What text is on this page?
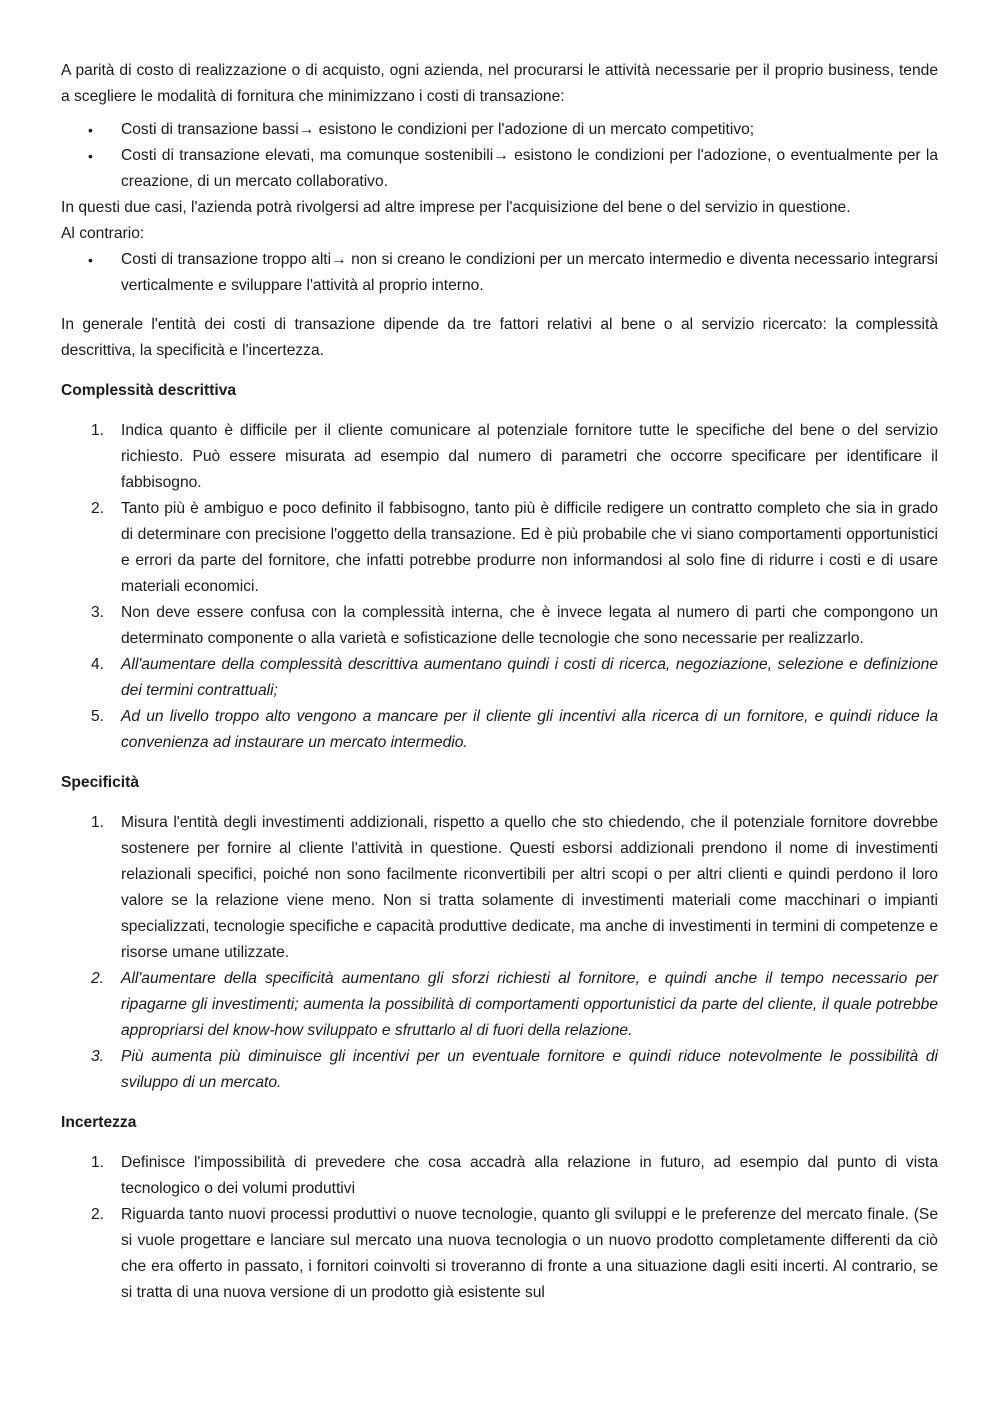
A parità di costo di realizzazione o di acquisto, ogni azienda, nel procurarsi le attività necessarie per il proprio business, tende a scegliere le modalità di fornitura che minimizzano i costi di transazione:

• Costi di transazione bassi→ esistono le condizioni per l'adozione di un mercato competitivo;
• Costi di transazione elevati, ma comunque sostenibili→ esistono le condizioni per l'adozione, o eventualmente per la creazione, di un mercato collaborativo.

In questi due casi, l'azienda potrà rivolgersi ad altre imprese per l'acquisizione del bene o del servizio in questione.

Al contrario:

• Costi di transazione troppo alti→ non si creano le condizioni per un mercato intermedio e diventa necessario integrarsi verticalmente e sviluppare l'attività al proprio interno.

In generale l'entità dei costi di transazione dipende da tre fattori relativi al bene o al servizio ricercato: la complessità descrittiva, la specificità e l'incertezza.

Complessità descrittiva

1.	Indica quanto è difficile per il cliente comunicare al potenziale fornitore tutte le specifiche del bene o del servizio richiesto. Può essere misurata ad esempio dal numero di parametri che occorre specificare per identificare il fabbisogno.
2.	Tanto più è ambiguo e poco definito il fabbisogno, tanto più è difficile redigere un contratto completo che sia in grado di determinare con precisione l'oggetto della transazione. Ed è più probabile che vi siano comportamenti opportunistici e errori da parte del fornitore, che infatti potrebbe produrre non informandosi al solo fine di ridurre i costi e di usare materiali economici.
3.	Non deve essere confusa con la complessità interna, che è invece legata al numero di parti che compongono un determinato componente o alla varietà e sofisticazione delle tecnologie che sono necessarie per realizzarlo.
4.	All'aumentare della complessità descrittiva aumentano quindi i costi di ricerca, negoziazione, selezione e definizione dei termini contrattuali;
5.	Ad un livello troppo alto vengono a mancare per il cliente gli incentivi alla ricerca di un fornitore, e quindi riduce la convenienza ad instaurare un mercato intermedio.

Specificità

1.	Misura l'entità degli investimenti addizionali, rispetto a quello che sto chiedendo, che il potenziale fornitore dovrebbe sostenere per fornire al cliente l'attività in questione. Questi esborsi addizionali prendono il nome di investimenti relazionali specifici, poiché non sono facilmente riconvertibili per altri scopi o per altri clienti e quindi perdono il loro valore se la relazione viene meno. Non si tratta solamente di investimenti materiali come macchinari o impianti specializzati, tecnologie specifiche e capacità produttive dedicate, ma anche di investimenti in termini di competenze e risorse umane utilizzate.
2.	All'aumentare della specificità aumentano gli sforzi richiesti al fornitore, e quindi anche il tempo necessario per ripagarne gli investimenti; aumenta la possibilità di comportamenti opportunistici da parte del cliente, il quale potrebbe appropriarsi del know-how sviluppato e sfruttarlo al di fuori della relazione.
3.	Più aumenta più diminuisce gli incentivi per un eventuale fornitore e quindi riduce notevolmente le possibilità di sviluppo di un mercato.

Incertezza

1.	Definisce l'impossibilità di prevedere che cosa accadrà alla relazione in futuro, ad esempio dal punto di vista tecnologico o dei volumi produttivi
2.	Riguarda tanto nuovi processi produttivi o nuove tecnologie, quanto gli sviluppi e le preferenze del mercato finale. (Se si vuole progettare e lanciare sul mercato una nuova tecnologia o un nuovo prodotto completamente differenti da ciò che era offerto in passato, i fornitori coinvolti si troveranno di fronte a una situazione dagli esiti incerti. Al contrario, se si tratta di una nuova versione di un prodotto già esistente sul
